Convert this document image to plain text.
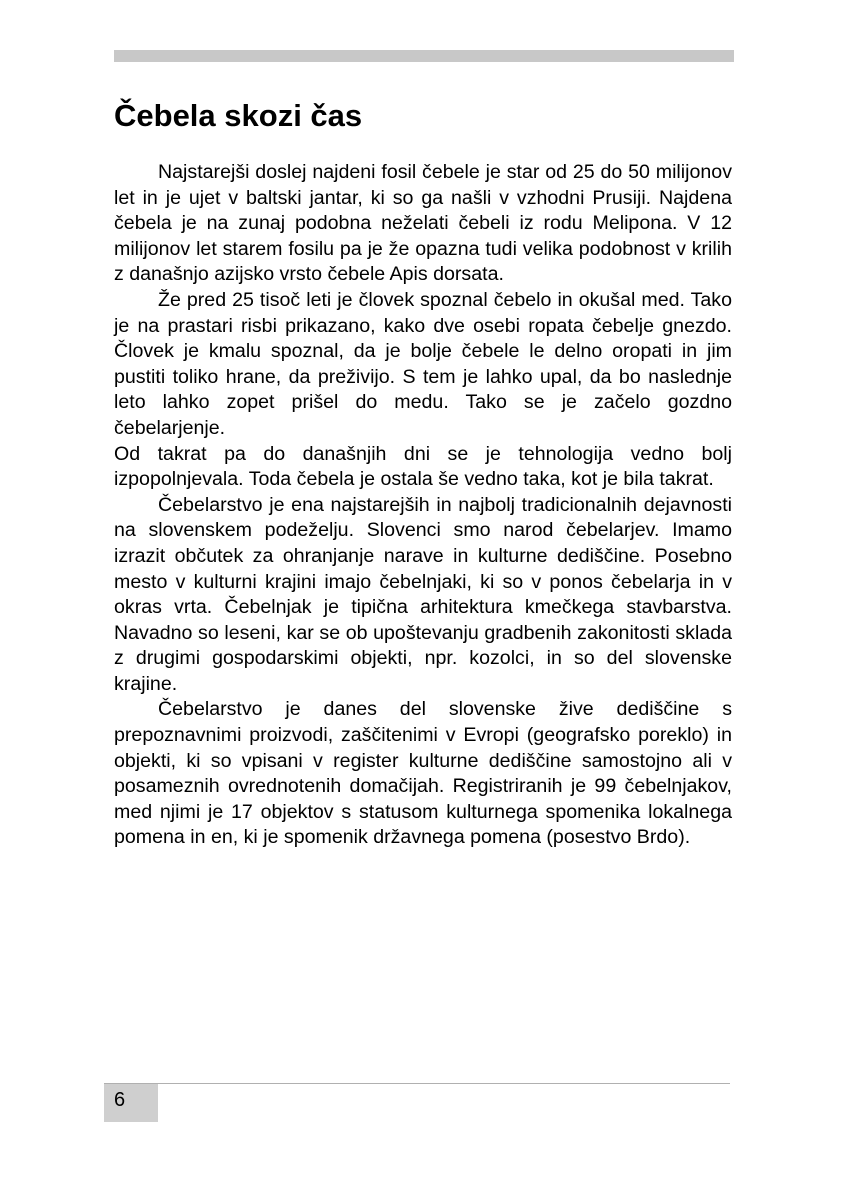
Čebela skozi čas

Najstarejši doslej najdeni fosil čebele je star od 25 do 50 milijonov let in je ujet v baltski jantar, ki so ga našli v vzhodni Prusiji. Najdena čebela je na zunaj podobna neželati čebeli iz rodu Melipona. V 12 milijonov let starem fosilu pa je že opazna tudi velika podobnost v krilih z današnjo azijsko vrsto čebele Apis dorsata.

Že pred 25 tisoč leti je človek spoznal čebelo in okušal med. Tako je na prastari risbi prikazano, kako dve osebi ropata čebelje gnezdo. Človek je kmalu spoznal, da je bolje čebele le delno oropati in jim pustiti toliko hrane, da preživijo. S tem je lahko upal, da bo naslednje leto lahko zopet prišel do medu. Tako se je začelo gozdno čebelarjenje.

Od takrat pa do današnjih dni se je tehnologija vedno bolj izpopolnjevala. Toda čebela je ostala še vedno taka, kot je bila takrat.

Čebelarstvo je ena najstarejših in najbolj tradicionalnih dejavnosti na slovenskem podeželju. Slovenci smo narod čebelarjev. Imamo izrazit občutek za ohranjanje narave in kulturne dediščine. Posebno mesto v kulturni krajini imajo čebelnjaki, ki so v ponos čebelarja in v okras vrta. Čebelnjak je tipična arhitektura kmečkega stavbarstva. Navadno so leseni, kar se ob upoštevanju gradbenih zakonitosti sklada z drugimi gospodarskimi objekti, npr. kozolci, in so del slovenske krajine.

Čebelarstvo je danes del slovenske žive dediščine s prepoznavnimi proizvodi, zaščitenimi v Evropi (geografsko poreklo) in objekti, ki so vpisani v register kulturne dediščine samostojno ali v posameznih ovrednotenih domačijah. Registriranih je 99 čebelnjakov, med njimi je 17 objektov s statusom kulturnega spomenika lokalnega pomena in en, ki je spomenik državnega pomena (posestvo Brdo).

6
